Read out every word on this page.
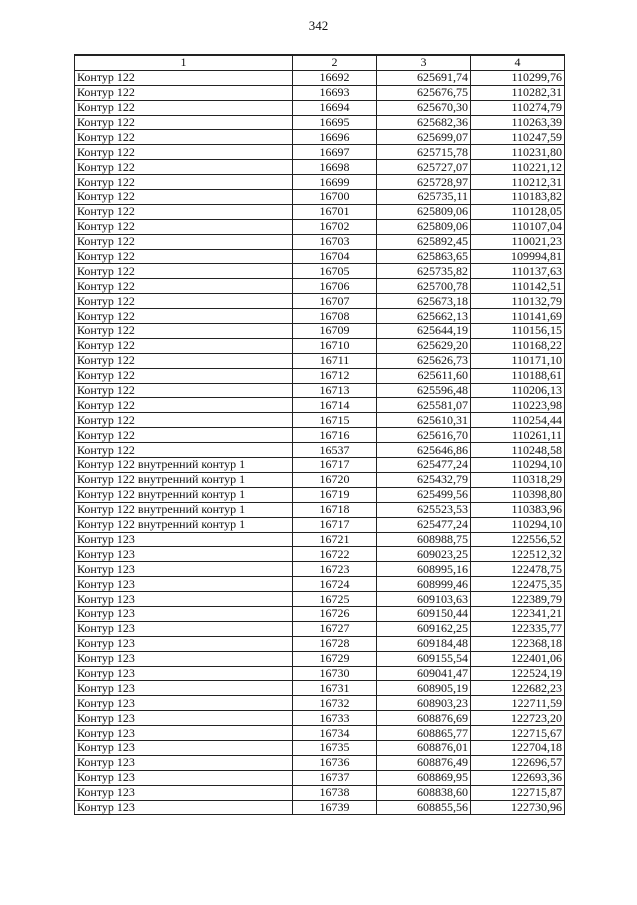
342
1	2	3	4
Контур 122	16692	625691,74	110299,76
Контур 122	16693	625676,75	110282,31
Контур 122	16694	625670,30	110274,79
Контур 122	16695	625682,36	110263,39
Контур 122	16696	625699,07	110247,59
Контур 122	16697	625715,78	110231,80
Контур 122	16698	625727,07	110221,12
Контур 122	16699	625728,97	110212,31
Контур 122	16700	625735,11	110183,82
Контур 122	16701	625809,06	110128,05
Контур 122	16702	625809,06	110107,04
Контур 122	16703	625892,45	110021,23
Контур 122	16704	625863,65	109994,81
Контур 122	16705	625735,82	110137,63
Контур 122	16706	625700,78	110142,51
Контур 122	16707	625673,18	110132,79
Контур 122	16708	625662,13	110141,69
Контур 122	16709	625644,19	110156,15
Контур 122	16710	625629,20	110168,22
Контур 122	16711	625626,73	110171,10
Контур 122	16712	625611,60	110188,61
Контур 122	16713	625596,48	110206,13
Контур 122	16714	625581,07	110223,98
Контур 122	16715	625610,31	110254,44
Контур 122	16716	625616,70	110261,11
Контур 122	16537	625646,86	110248,58
Контур 122 внутренний контур 1	16717	625477,24	110294,10
Контур 122 внутренний контур 1	16720	625432,79	110318,29
Контур 122 внутренний контур 1	16719	625499,56	110398,80
Контур 122 внутренний контур 1	16718	625523,53	110383,96
Контур 122 внутренний контур 1	16717	625477,24	110294,10
Контур 123	16721	608988,75	122556,52
Контур 123	16722	609023,25	122512,32
Контур 123	16723	608995,16	122478,75
Контур 123	16724	608999,46	122475,35
Контур 123	16725	609103,63	122389,79
Контур 123	16726	609150,44	122341,21
Контур 123	16727	609162,25	122335,77
Контур 123	16728	609184,48	122368,18
Контур 123	16729	609155,54	122401,06
Контур 123	16730	609041,47	122524,19
Контур 123	16731	608905,19	122682,23
Контур 123	16732	608903,23	122711,59
Контур 123	16733	608876,69	122723,20
Контур 123	16734	608865,77	122715,67
Контур 123	16735	608876,01	122704,18
Контур 123	16736	608876,49	122696,57
Контур 123	16737	608869,95	122693,36
Контур 123	16738	608838,60	122715,87
Контур 123	16739	608855,56	122730,96
